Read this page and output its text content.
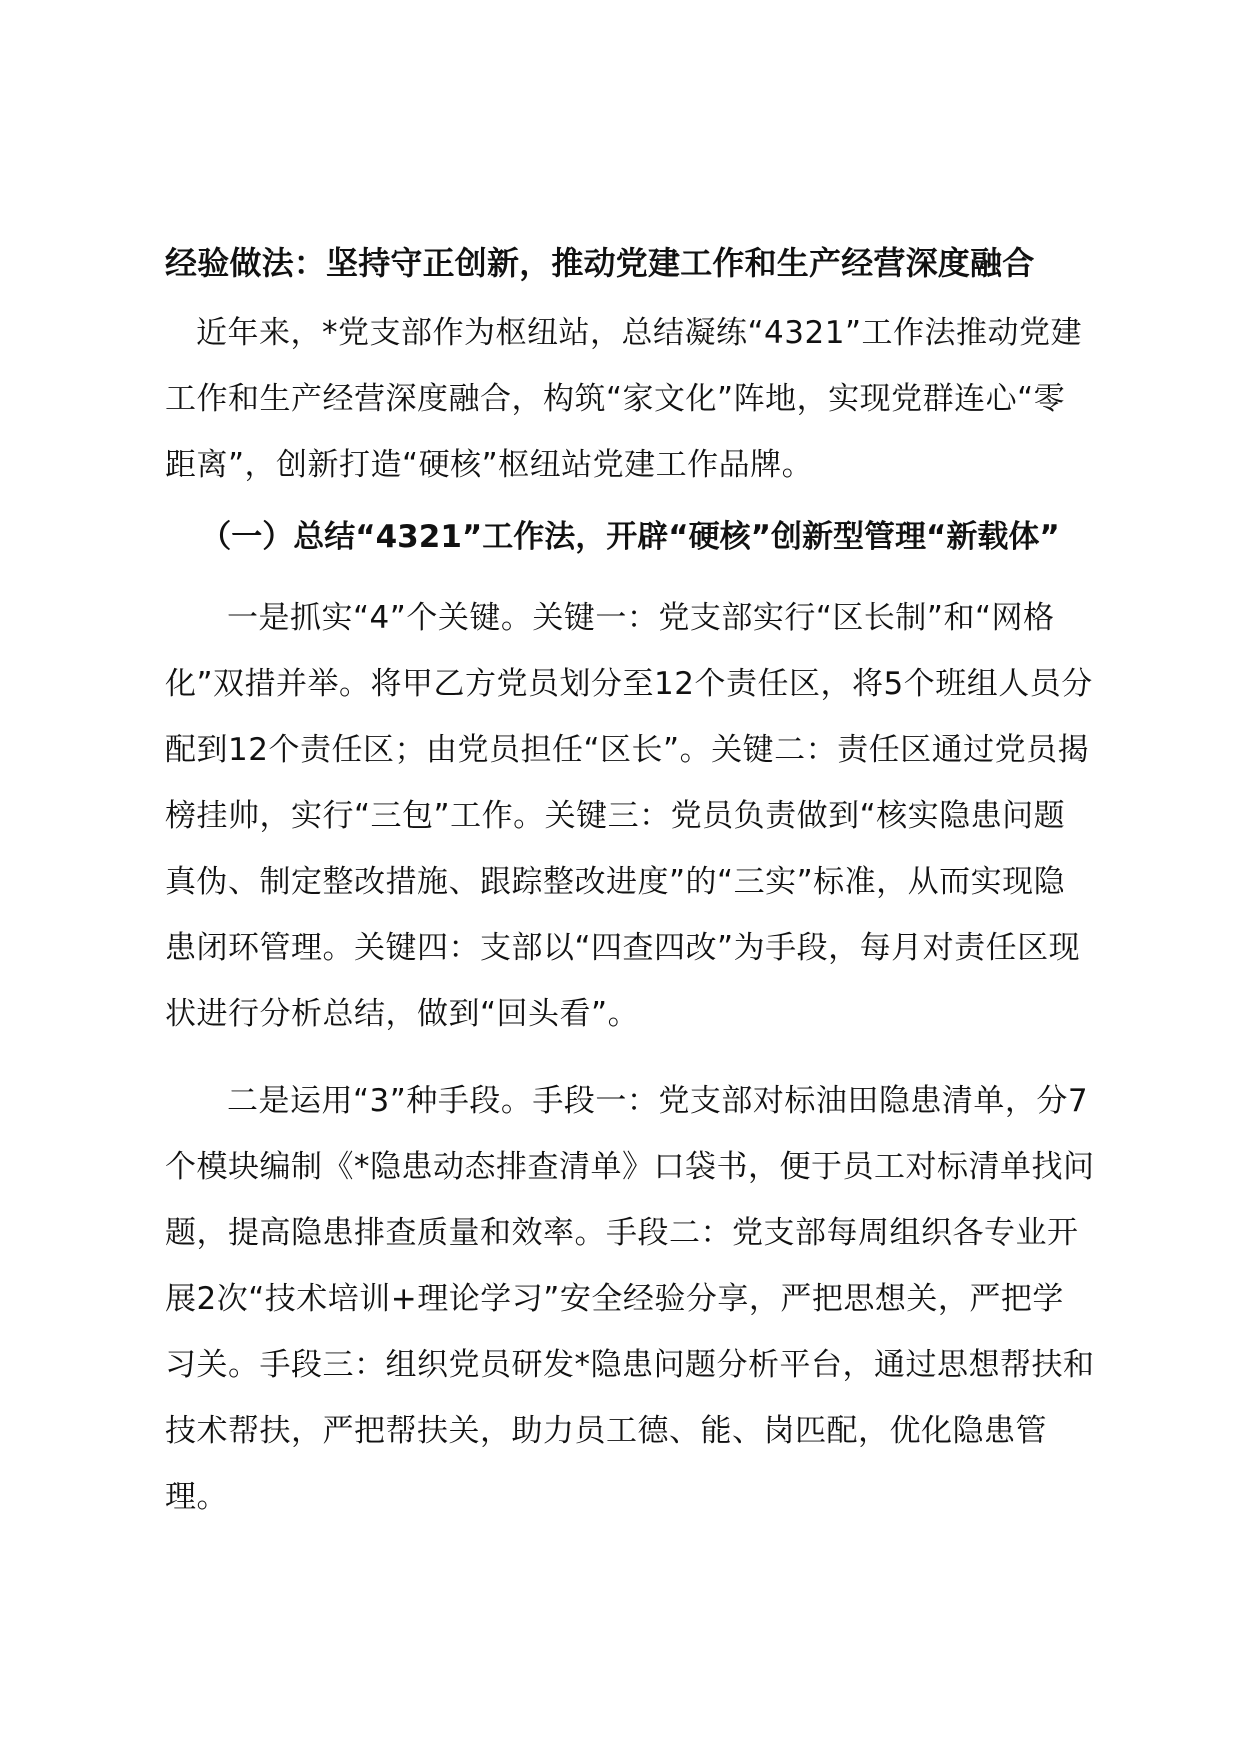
经验做法：坚持守正创新，推动党建工作和生产经营深度融合

近年来，*党支部作为枢纽站，总结凝练“4321”工作法推动党建工作和生产经营深度融合，构筑“家文化”阵地，实现党群连心“零距离”，创新打造“硬核”枢纽站党建工作品牌。

（一）总结“4321”工作法，开辟“硬核”创新型管理“新载体”

一是抓实“4”个关键。关键一：党支部实行“区长制”和“网格化”双措并举。将甲乙方党员划分至12个责任区，将5个班组人员分配到12个责任区；由党员担任“区长”。关键二：责任区通过党员揭榜挂帅，实行“三包”工作。关键三：党员负责做到“核实隐患问题真伪、制定整改措施、跟踪整改进度”的“三实”标准，从而实现隐患闭环管理。关键四：支部以“四查四改”为手段，每月对责任区现状进行分析总结，做到“回头看”。

二是运用“3”种手段。手段一：党支部对标油田隐患清单，分7个模块编制《*隐患动态排查清单》口袋书，便于员工对标清单找问题，提高隐患排查质量和效率。手段二：党支部每周组织各专业开展2次“技术培训+理论学习”安全经验分享，严把思想关，严把学习关。手段三：组织党员研发*隐患问题分析平台，通过思想帮扶和技术帮扶，严把帮扶关，助力员工德、能、岗匹配，优化隐患管理。
